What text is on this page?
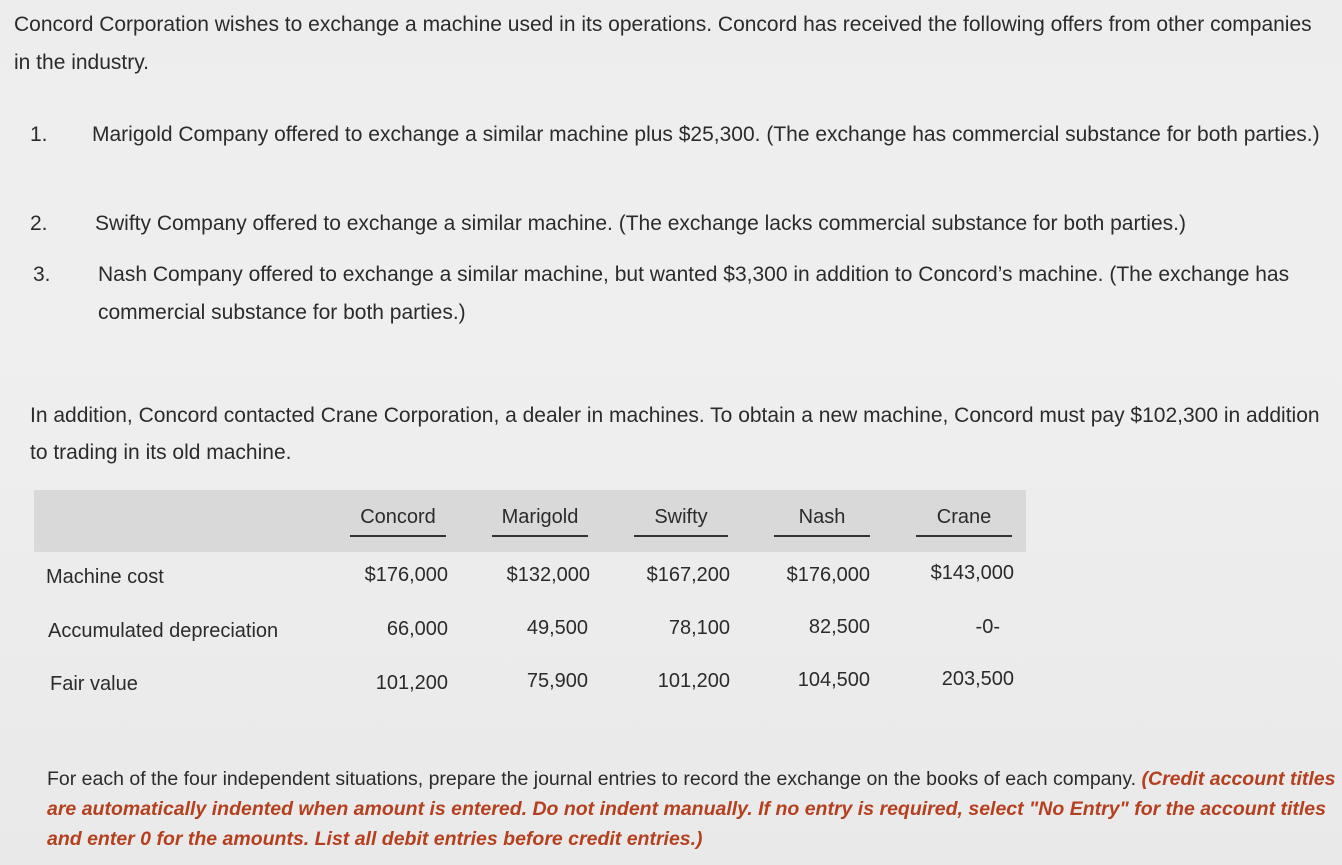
Concord Corporation wishes to exchange a machine used in its operations. Concord has received the following offers from other companies in the industry.
1.	Marigold Company offered to exchange a similar machine plus $25,300. (The exchange has commercial substance for both parties.)
2.	Swifty Company offered to exchange a similar machine. (The exchange lacks commercial substance for both parties.)
3.	Nash Company offered to exchange a similar machine, but wanted $3,300 in addition to Concord’s machine. (The exchange has commercial substance for both parties.)
In addition, Concord contacted Crane Corporation, a dealer in machines. To obtain a new machine, Concord must pay $102,300 in addition to trading in its old machine.
Concord	Marigold	Swifty	Nash	Crane
Machine cost	$176,000	$132,000	$167,200	$176,000	$143,000
Accumulated depreciation	66,000	49,500	78,100	82,500	-0-
Fair value	101,200	75,900	101,200	104,500	203,500
For each of the four independent situations, prepare the journal entries to record the exchange on the books of each company. (Credit account titles are automatically indented when amount is entered. Do not indent manually. If no entry is required, select "No Entry" for the account titles and enter 0 for the amounts. List all debit entries before credit entries.)
